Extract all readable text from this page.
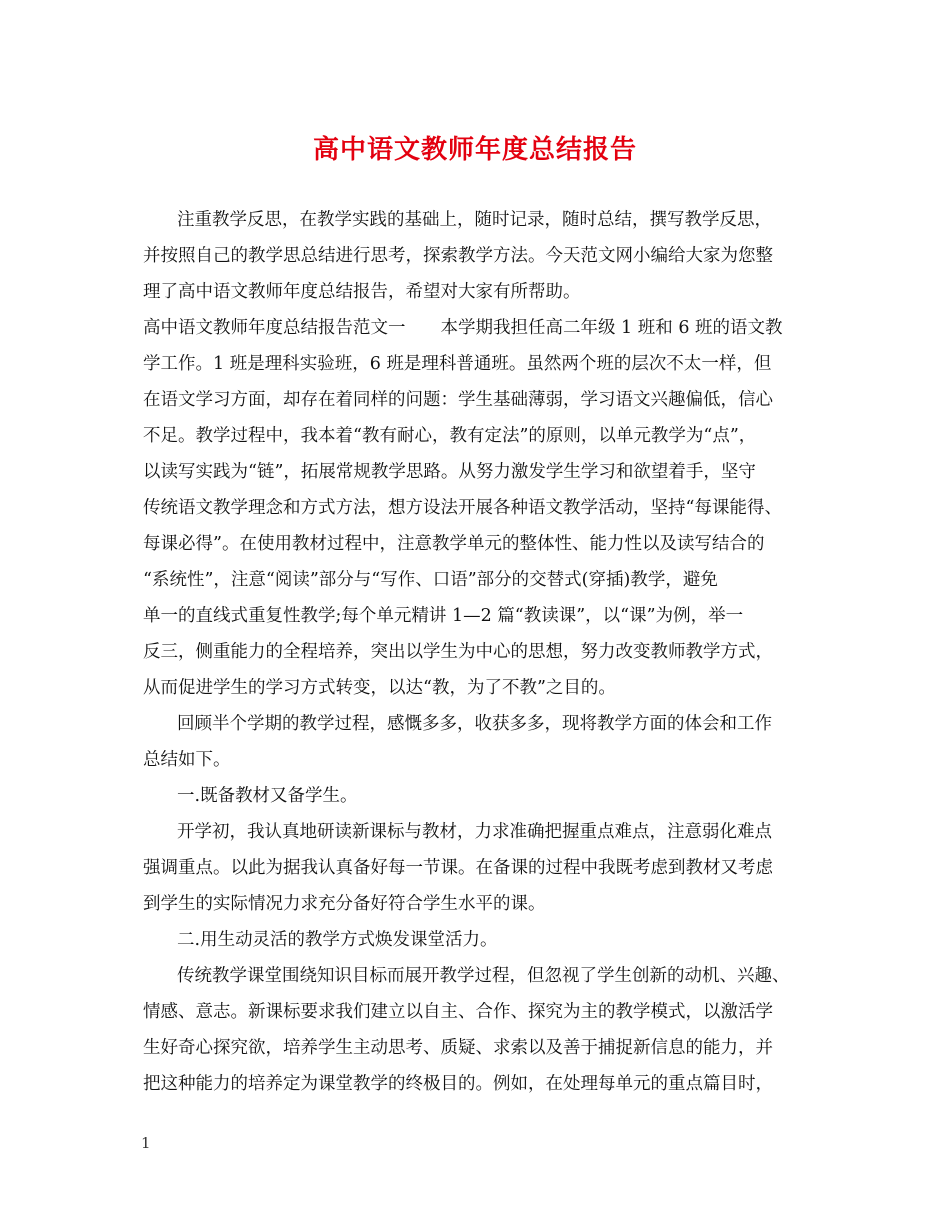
高中语文教师年度总结报告
注重教学反思，在教学实践的基础上，随时记录，随时总结，撰写教学反思，
并按照自己的教学思总结进行思考，探索教学方法。今天范文网小编给大家为您整
理了高中语文教师年度总结报告，希望对大家有所帮助。
高中语文教师年度总结报告范文一　　本学期我担任高二年级 1 班和 6 班的语文教
学工作。1 班是理科实验班，6 班是理科普通班。虽然两个班的层次不太一样，但
在语文学习方面，却存在着同样的问题：学生基础薄弱，学习语文兴趣偏低，信心
不足。教学过程中，我本着“教有耐心，教有定法”的原则，以单元教学为“点”，
以读写实践为“链”，拓展常规教学思路。从努力激发学生学习和欲望着手，坚守
传统语文教学理念和方式方法，想方设法开展各种语文教学活动，坚持“每课能得、
每课必得”。在使用教材过程中，注意教学单元的整体性、能力性以及读写结合的
“系统性”，注意“阅读”部分与“写作、口语”部分的交替式(穿插)教学，避免
单一的直线式重复性教学;每个单元精讲 1—2 篇“教读课”，以“课”为例，举一
反三，侧重能力的全程培养，突出以学生为中心的思想，努力改变教师教学方式，
从而促进学生的学习方式转变，以达“教，为了不教”之目的。
回顾半个学期的教学过程，感慨多多，收获多多，现将教学方面的体会和工作
总结如下。
一.既备教材又备学生。
开学初，我认真地研读新课标与教材，力求准确把握重点难点，注意弱化难点
强调重点。以此为据我认真备好每一节课。在备课的过程中我既考虑到教材又考虑
到学生的实际情况力求充分备好符合学生水平的课。
二.用生动灵活的教学方式焕发课堂活力。
传统教学课堂围绕知识目标而展开教学过程，但忽视了学生创新的动机、兴趣、
情感、意志。新课标要求我们建立以自主、合作、探究为主的教学模式，以激活学
生好奇心探究欲，培养学生主动思考、质疑、求索以及善于捕捉新信息的能力，并
把这种能力的培养定为课堂教学的终极目的。例如，在处理每单元的重点篇目时，
1
